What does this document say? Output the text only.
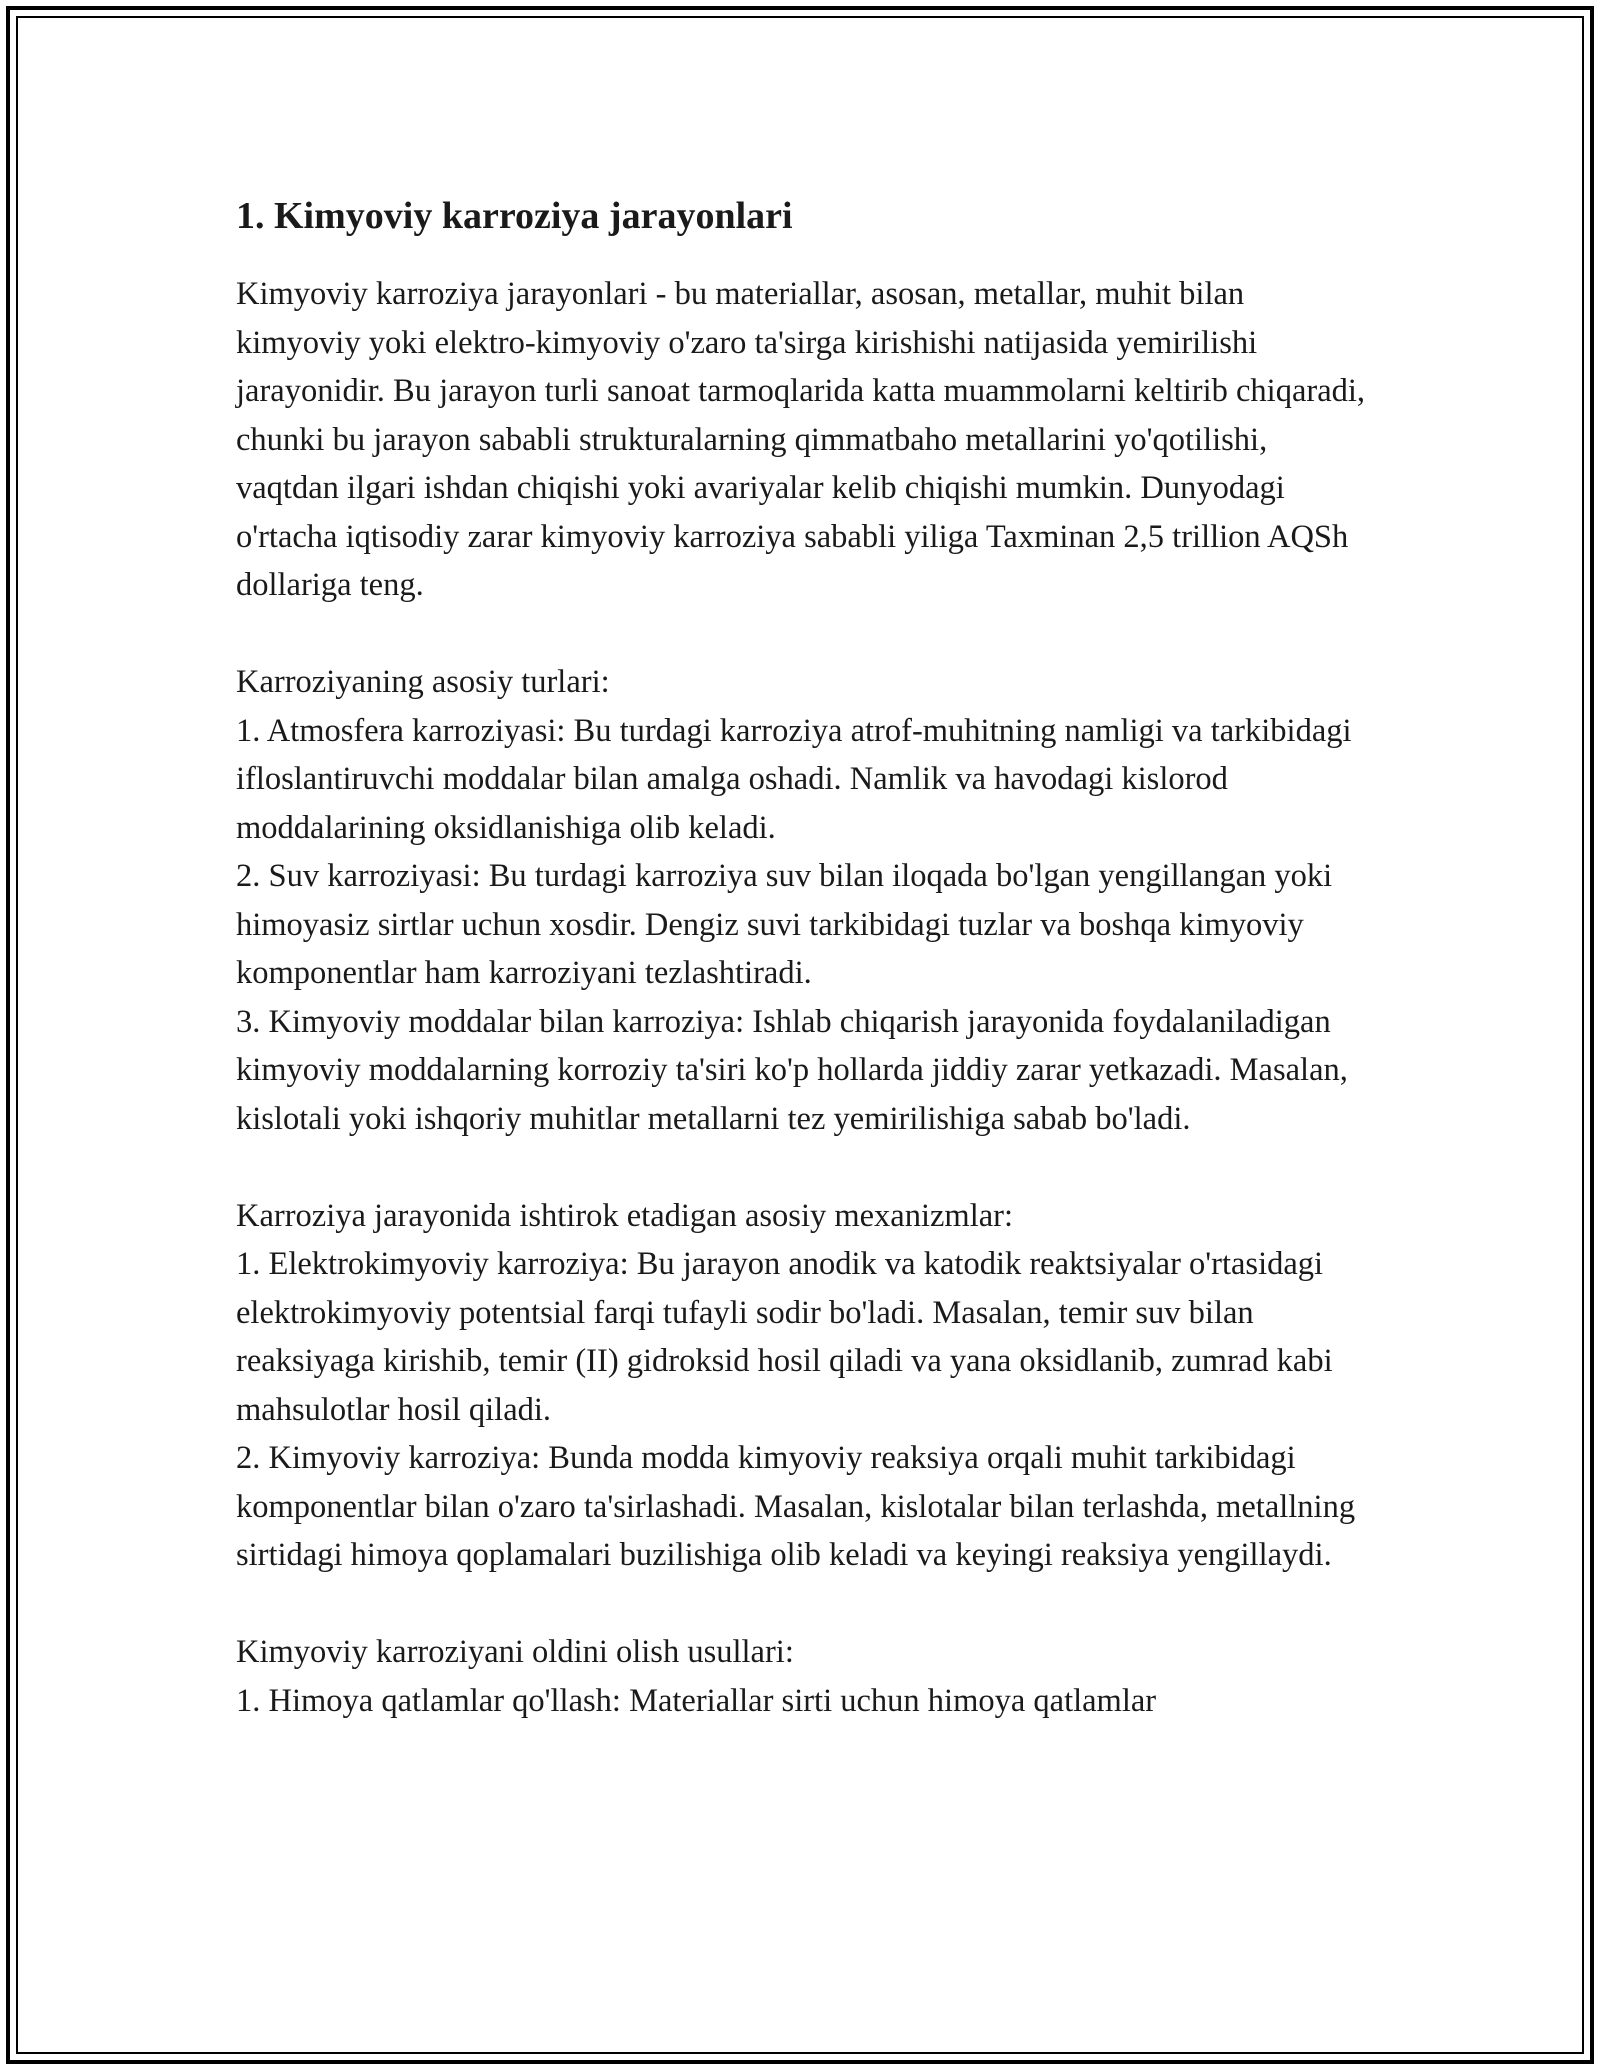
1. Kimyoviy karroziya jarayonlari

Kimyoviy karroziya jarayonlari - bu materiallar, asosan, metallar, muhit bilan kimyoviy yoki elektro-kimyoviy o'zaro ta'sirga kirishishi natijasida yemirilishi jarayonidir. Bu jarayon turli sanoat tarmoqlarida katta muammolarni keltirib chiqaradi, chunki bu jarayon sababli strukturalarning qimmatbaho metallarini yo'qotilishi, vaqtdan ilgari ishdan chiqishi yoki avariyalar kelib chiqishi mumkin. Dunyodagi o'rtacha iqtisodiy zarar kimyoviy karroziya sababli yiliga Taxminan 2,5 trillion AQSh dollariga teng.

Karroziyaning asosiy turlari:

1. Atmosfera karroziyasi: Bu turdagi karroziya atrof-muhitning namligi va tarkibidagi ifloslantiruvchi moddalar bilan amalga oshadi. Namlik va havodagi kislorod moddalarining oksidlanishiga olib keladi.

2. Suv karroziyasi: Bu turdagi karroziya suv bilan iloqada bo'lgan yengillangan yoki himoyasiz sirtlar uchun xosdir. Dengiz suvi tarkibidagi tuzlar va boshqa kimyoviy komponentlar ham karroziyani tezlashtiradi.

3. Kimyoviy moddalar bilan karroziya: Ishlab chiqarish jarayonida foydalaniladigan kimyoviy moddalarning korroziy ta'siri ko'p hollarda jiddiy zarar yetkazadi. Masalan, kislotali yoki ishqoriy muhitlar metallarni tez yemirilishiga sabab bo'ladi.

Karroziya jarayonida ishtirok etadigan asosiy mexanizmlar:

1. Elektrokimyoviy karroziya: Bu jarayon anodik va katodik reaktsiyalar o'rtasidagi elektrokimyoviy potentsial farqi tufayli sodir bo'ladi. Masalan, temir suv bilan reaksiyaga kirishib, temir (II) gidroksid hosil qiladi va yana oksidlanib, zumrad kabi mahsulotlar hosil qiladi.

2. Kimyoviy karroziya: Bunda modda kimyoviy reaksiya orqali muhit tarkibidagi komponentlar bilan o'zaro ta'sirlashadi. Masalan, kislotalar bilan terlashda, metallning sirtidagi himoya qoplamalari buzilishiga olib keladi va keyingi reaksiya yengillaydi.

Kimyoviy karroziyani oldini olish usullari:

1. Himoya qatlamlar qo'llash: Materiallar sirti uchun himoya qatlamlar
